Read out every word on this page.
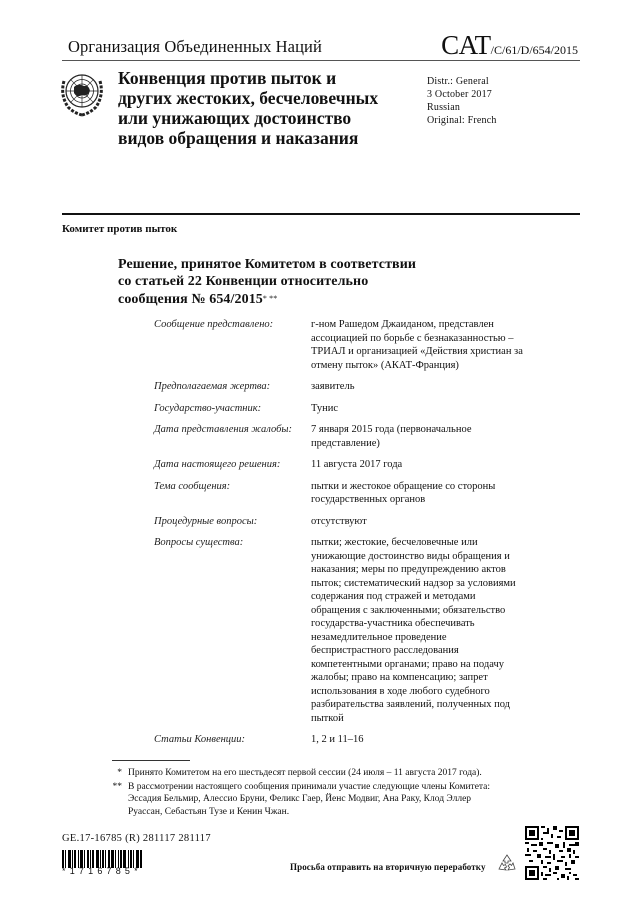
Организация Объединенных Наций	CAT/C/61/D/654/2015
Конвенция против пыток и
других жестоких, бесчеловечных
или унижающих достоинство
видов обращения и наказания
Distr.: General
3 October 2017
Russian
Original: French
Комитет против пыток
Решение, принятое Комитетом в соответствии
со статьей 22 Конвенции относительно
сообщения № 654/2015* **
Сообщение представлено:	г-ном Рашедом Джаиданом, представлен ассоциацией по борьбе с безнаказанностью – ТРИАЛ и организацией «Действия христиан за отмену пыток» (АКАТ-Франция)
Предполагаемая жертва:	заявитель
Государство-участник:	Тунис
Дата представления жалобы:	7 января 2015 года (первоначальное представление)
Дата настоящего решения:	11 августа 2017 года
Тема сообщения:	пытки и жестокое обращение со стороны государственных органов
Процедурные вопросы:	отсутствуют
Вопросы существа:	пытки; жестокие, бесчеловечные или унижающие достоинство виды обращения и наказания; меры по предупреждению актов пыток; систематический надзор за условиями содержания под стражей и методами обращения с заключенными; обязательство государства-участника обеспечивать незамедлительное проведение беспристрастного расследования компетентными органами; право на подачу жалобы; право на компенсацию; запрет использования в ходе любого судебного разбирательства заявлений, полученных под пыткой
Статьи Конвенции:	1, 2 и 11–16
* Принято Комитетом на его шестьдесят первой сессии (24 июля – 11 августа 2017 года).
** В рассмотрении настоящего сообщения принимали участие следующие члены Комитета: Эссадия Бельмир, Алессио Бруни, Феликс Гаер, Йенс Модвиг, Ана Раку, Клод Эллер Руассан, Себастьян Тузе и Кенин Чжан.
GE.17-16785 (R) 281117 281117
*1716785*	Просьба отправить на вторичную переработку
